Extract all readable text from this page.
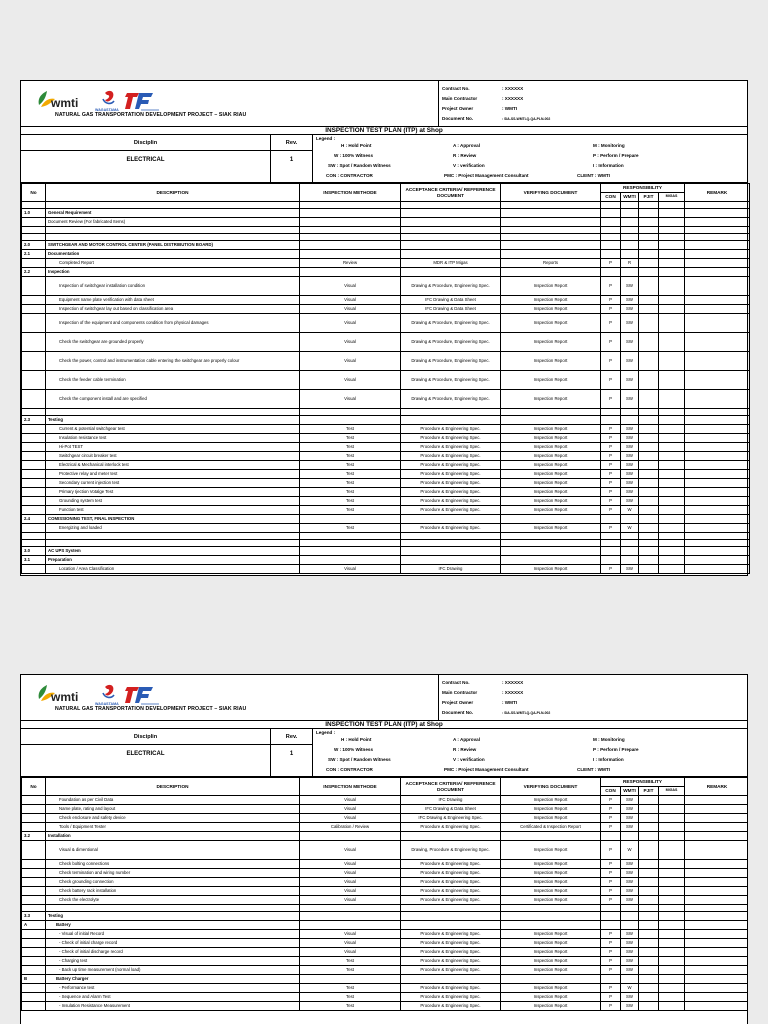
wmti	WAGASTAMA
NATURAL GAS TRANSPORTATION DEVELOPMENT PROJECT – SIAK RIAU
Contract No.	: XXXXXX
Main Contractor	: XXXXXX
Project Owner	: WMTI
Document No.	: SIA-SS-WMTI-Q-QA-PLN-002
INSPECTION TEST PLAN (ITP) at Shop
Disciplin
ELECTRICAL
Rev.
1
Legend :
H : Hold Point
W : 100% Witness
SW : Spot / Random Witness
CON : CONTRACTOR
A : Approval
R : Review
V : verification
PMC : Project Management Consultant
M : Monitoring
P : Perform / Prepare
I : Information
CLEINT : WMTI
No	DESCRIPTION	INSPECTION METHODE	ACCEPTANCE CRITERIA/ REFFERENCE DOCUMENT	VERIFYING DOCUMENT	RESPONSIBILITY				REMARK
					CON	WMTI	PJIT	MIGAS	

1.0	General Requirement								
	Document Review (For fabricated Items)								

2.0	SWITCHGEAR AND MOTOR CONTROL CENTER (PANEL DISTRIBUTION BOARD)								
2.1	Documentation								
	Completed Report	Review	MDR & ITP Migas	Reports	P	R			
2.2	Inspection								
	Inspection of switchgear installation condition	Visual	Drawing & Procedure, Engineering Spec.	Inspection Report	P	SW			
	Equipment name plate verification with data sheet	Visual	IFC Drawing & Data Sheet	Inspection Report	P	SW			
	Inspection of switchgear lay out based on classification area	Visual	IFC Drawing & Data Sheet	Inspection Report	P	SW			
	Inspection of the equipment and components condition from physical damages	Visual	Drawing & Procedure, Engineering Spec.	Inspection Report	P	SW			
	Check the switchgear are grounded properly	Visual	Drawing & Procedure, Engineering Spec.	Inspection Report	P	SW			
	Check the power, control and instrumentation cable entering the switchgear are properly colour	Visual	Drawing & Procedure, Engineering Spec.	Inspection Report	P	SW			
	Check the feeder cable termination	Visual	Drawing & Procedure, Engineering Spec.	Inspection Report	P	SW			
	Check the component install and are specified	Visual	Drawing & Procedure, Engineering Spec.	Inspection Report	P	SW			

2.3	Testing								
	Current & potential switchgear test	Test	Procedure & Engineering Spec.	Inspection Report	P	SW			
	Insulation resistance test	Test	Procedure & Engineering Spec.	Inspection Report	P	SW			
	Hi-Pot TEST	Test	Procedure & Engineering Spec.	Inspection Report	P	SW			
	Switchgear circuit breaker test	Test	Procedure & Engineering Spec.	Inspection Report	P	SW			
	Electrical & Mechanical interlock test	Test	Procedure & Engineering Spec.	Inspection Report	P	SW			
	Protective relay and meter test	Test	Procedure & Engineering Spec.	Inspection Report	P	SW			
	Secondary current injection test	Test	Procedure & Engineering Spec.	Inspection Report	P	SW			
	Primary Ijection Votalge Test	Test	Procedure & Engineering Spec.	Inspection Report	P	SW			
	Grounding system test	Test	Procedure & Engineering Spec.	Inspection Report	P	SW			
	Function test	Test	Procedure & Engineering Spec.	Inspection Report	P	W			
2.4	COMISSIONING TEST, FINAL INSPECTION								
	Energizing and loaded	Test	Procedure & Engineering Spec.	Inspection Report	P	W			

3.0	AC UPS System								
3.1	Preparation								
	Location / Area Classification	Visual	IFC Drawing	Inspection Report	P	SW			
wmti	WAGASTAMA
NATURAL GAS TRANSPORTATION DEVELOPMENT PROJECT – SIAK RIAU
Contract No.	: XXXXXX
Main Contractor	: XXXXXX
Project Owner	: WMTI
Document No.	: SIA-SS-WMTI-Q-QA-PLN-002
INSPECTION TEST PLAN (ITP) at Shop
Disciplin
ELECTRICAL
Rev.
1
Legend :
H : Hold Point
W : 100% Witness
SW : Spot / Random Witness
CON : CONTRACTOR
A : Approval
R : Review
V : verification
PMC : Project Management Consultant
M : Monitoring
P : Perform / Prepare
I : Information
CLEINT : WMTI
No	DESCRIPTION	INSPECTION METHODE	ACCEPTANCE CRITERIA/ REFFERENCE DOCUMENT	VERIFYING DOCUMENT	RESPONSIBILITY				REMARK
					CON	WMTI	PJIT	MIGAS	
	Foundation as per Civil Data	Visual	IFC Drawing	Inspection Report	P	SW			
	Name plate, rating and layout	Visual	IFC Drawing & Data Sheet	Inspection Report	P	SW			
	Check enclosure and safety device	Visual	IFC Drawing & Engineering Spec.	Inspection Report	P	SW			
	Tools / Equipment Tester	Calibration / Review	Procedure & Engineering Spec.	Certificated & Inspection Report	P	SW			
3.2	Installation								
	Visual & dimentional	Visual	Drawing, Procedure & Engineering Spec.	Inspection Report	P	W			
	Check bolting connections	Visual	Procedure & Engineering Spec.	Inspection Report	P	SW			
	Check termination and wiring number	Visual	Procedure & Engineering Spec.	Inspection Report	P	SW			
	Check grounding connection	Visual	Procedure & Engineering Spec.	Inspection Report	P	SW			
	Check battery rack installation	Visual	Procedure & Engineering Spec.	Inspection Report	P	SW			
	Check the electrolyte	Visual	Procedure & Engineering Spec.	Inspection Report	P	SW			

3.3	Testing								
A	Battery								
	- Visual of initial Record	Visual	Procedure & Engineering Spec.	Inspection Report	P	SW			
	- Check of initial charge record	Visual	Procedure & Engineering Spec.	Inspection Report	P	SW			
	- Check of initial discharge record	Visual	Procedure & Engineering Spec.	Inspection Report	P	SW			
	- Charging test	Test	Procedure & Engineering Spec.	Inspection Report	P	SW			
	- Back up time measurement (normal load)	Test	Procedure & Engineering Spec.	Inspection Report	P	SW			
B	Battery Charger								
	- Performance test	Test	Procedure & Engineering Spec.	Inspection Report	P	W			
	- Sequence and Alarm Test	Test	Procedure & Engineering Spec.	Inspection Report	P	SW			
	- Insulation Resistance Measurement	Test	Procedure & Engineering Spec.	Inspection Report	P	SW			
